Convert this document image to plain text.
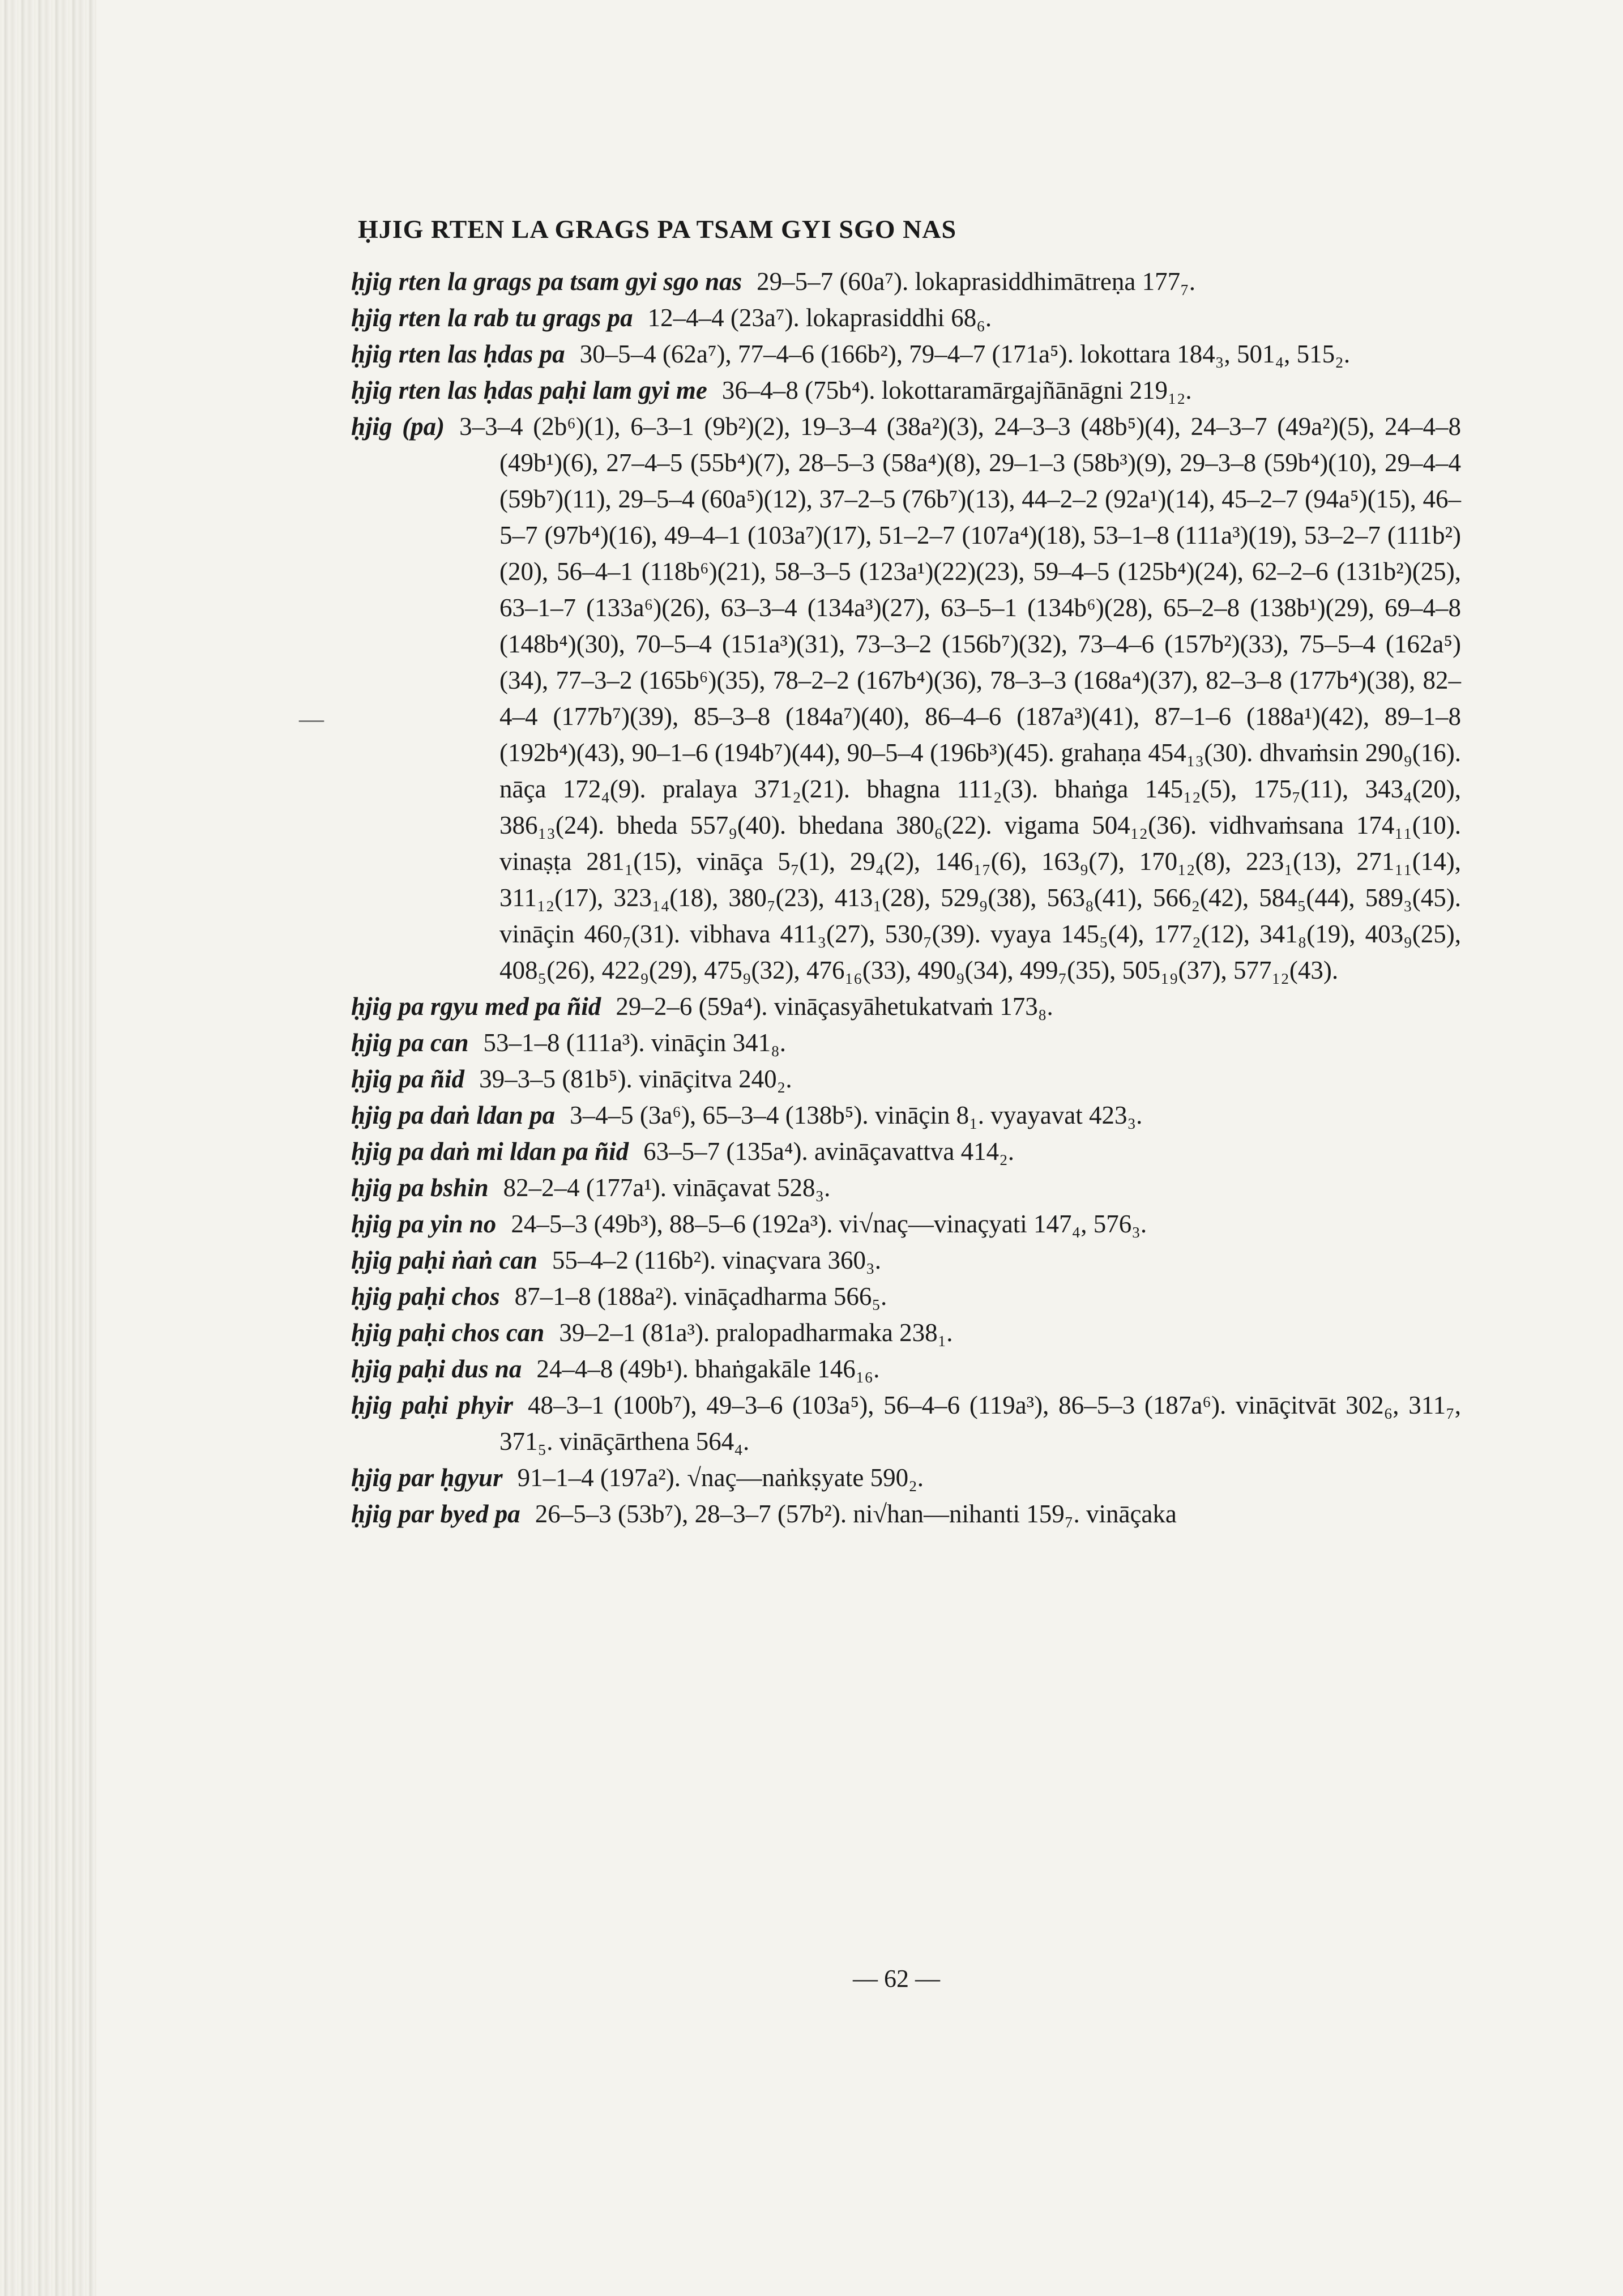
—
ḤJIG RTEN LA GRAGS PA TSAM GYI SGO NAS

ḥjig rten la grags pa tsam gyi sgo nas 29–5–7 (60a⁷). lokaprasiddhimātreṇa 177₇.

ḥjig rten la rab tu grags pa 12–4–4 (23a⁷). lokaprasiddhi 68₆.

ḥjig rten las ḥdas pa 30–5–4 (62a⁷), 77–4–6 (166b²), 79–4–7 (171a⁵). lokottara 184₃, 501₄, 515₂.

ḥjig rten las ḥdas paḥi lam gyi me 36–4–8 (75b⁴). lokottaramārgajñānāgni 219₁₂.

ḥjig (pa) 3–3–4 (2b⁶)(1), 6–3–1 (9b²)(2), 19–3–4 (38a²)(3), 24–3–3 (48b⁵)(4), 24–3–7 (49a²)(5), 24–4–8 (49b¹)(6), 27–4–5 (55b⁴)(7), 28–5–3 (58a⁴)(8), 29–1–3 (58b³)(9), 29–3–8 (59b⁴)(10), 29–4–4 (59b⁷)(11), 29–5–4 (60a⁵)(12), 37–2–5 (76b⁷)(13), 44–2–2 (92a¹)(14), 45–2–7 (94a⁵)(15), 46–5–7 (97b⁴)(16), 49–4–1 (103a⁷)(17), 51–2–7 (107a⁴)(18), 53–1–8 (111a³)(19), 53–2–7 (111b²)(20), 56–4–1 (118b⁶)(21), 58–3–5 (123a¹)(22)(23), 59–4–5 (125b⁴)(24), 62–2–6 (131b²)(25), 63–1–7 (133a⁶)(26), 63–3–4 (134a³)(27), 63–5–1 (134b⁶)(28), 65–2–8 (138b¹)(29), 69–4–8 (148b⁴)(30), 70–5–4 (151a³)(31), 73–3–2 (156b⁷)(32), 73–4–6 (157b²)(33), 75–5–4 (162a⁵)(34), 77–3–2 (165b⁶)(35), 78–2–2 (167b⁴)(36), 78–3–3 (168a⁴)(37), 82–3–8 (177b⁴)(38), 82–4–4 (177b⁷)(39), 85–3–8 (184a⁷)(40), 86–4–6 (187a³)(41), 87–1–6 (188a¹)(42), 89–1–8 (192b⁴)(43), 90–1–6 (194b⁷)(44), 90–5–4 (196b³)(45). grahaṇa 454₁₃(30). dhvaṁsin 290₉(16). nāça 172₄(9). pralaya 371₂(21). bhagna 111₂(3). bhaṅga 145₁₂(5), 175₇(11), 343₄(20), 386₁₃(24). bheda 557₉(40). bhedana 380₆(22). vigama 504₁₂(36). vidhvaṁsana 174₁₁(10). vinaṣṭa 281₁(15), vināça 5₇(1), 29₄(2), 146₁₇(6), 163₉(7), 170₁₂(8), 223₁(13), 271₁₁(14), 311₁₂(17), 323₁₄(18), 380₇(23), 413₁(28), 529₉(38), 563₈(41), 566₂(42), 584₅(44), 589₃(45). vināçin 460₇(31). vibhava 411₃(27), 530₇(39). vyaya 145₅(4), 177₂(12), 341₈(19), 403₉(25), 408₅(26), 422₉(29), 475₉(32), 476₁₆(33), 490₉(34), 499₇(35), 505₁₉(37), 577₁₂(43).

ḥjig pa rgyu med pa ñid 29–2–6 (59a⁴). vināçasyāhetukatvaṁ 173₈.

ḥjig pa can 53–1–8 (111a³). vināçin 341₈.

ḥjig pa ñid 39–3–5 (81b⁵). vināçitva 240₂.

ḥjig pa daṅ ldan pa 3–4–5 (3a⁶), 65–3–4 (138b⁵). vināçin 8₁. vyayavat 423₃.

ḥjig pa daṅ mi ldan pa ñid 63–5–7 (135a⁴). avināçavattva 414₂.

ḥjig pa bshin 82–2–4 (177a¹). vināçavat 528₃.

ḥjig pa yin no 24–5–3 (49b³), 88–5–6 (192a³). vi√naç—vinaçyati 147₄, 576₃.

ḥjig paḥi ṅaṅ can 55–4–2 (116b²). vinaçvara 360₃.

ḥjig paḥi chos 87–1–8 (188a²). vināçadharma 566₅.

ḥjig paḥi chos can 39–2–1 (81a³). pralopadharmaka 238₁.

ḥjig paḥi dus na 24–4–8 (49b¹). bhaṅgakāle 146₁₆.

ḥjig paḥi phyir 48–3–1 (100b⁷), 49–3–6 (103a⁵), 56–4–6 (119a³), 86–5–3 (187a⁶). vināçitvāt 302₆, 311₇, 371₅. vināçārthena 564₄.

ḥjig par ḥgyur 91–1–4 (197a²). √naç—naṅkṣyate 590₂.

ḥjig par byed pa 26–5–3 (53b⁷), 28–3–7 (57b²). ni√han—nihanti 159₇. vināçaka

— 62 —
